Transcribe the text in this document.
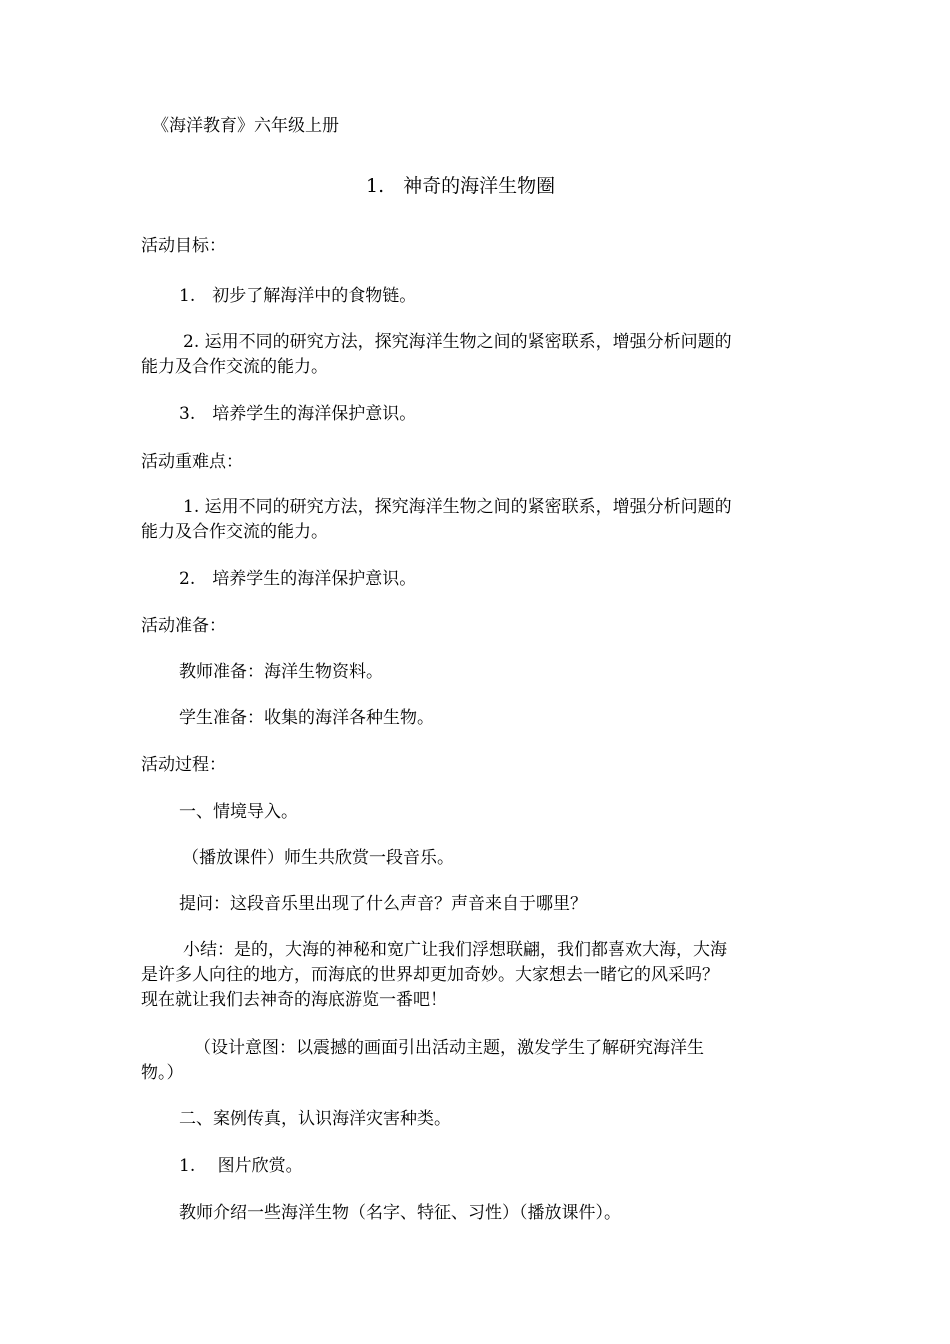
《海洋教育》六年级上册
1.　神奇的海洋生物圈
活动目标：
1.　初步了解海洋中的食物链。
2. 运用不同的研究方法，探究海洋生物之间的紧密联系，增强分析问题的
能力及合作交流的能力。
3.　培养学生的海洋保护意识。
活动重难点：
1. 运用不同的研究方法，探究海洋生物之间的紧密联系，增强分析问题的
能力及合作交流的能力。
2.　培养学生的海洋保护意识。
活动准备：
教师准备：海洋生物资料。
学生准备：收集的海洋各种生物。
活动过程：
一、情境导入。
（播放课件）师生共欣赏一段音乐。
提问：这段音乐里出现了什么声音？声音来自于哪里？
小结：是的，大海的神秘和宽广让我们浮想联翩，我们都喜欢大海，大海
是许多人向往的地方，而海底的世界却更加奇妙。大家想去一睹它的风采吗？
现在就让我们去神奇的海底游览一番吧！
（设计意图：以震撼的画面引出活动主题，激发学生了解研究海洋生
物。）
二、案例传真，认识海洋灾害种类。
1.　 图片欣赏。
教师介绍一些海洋生物（名字、特征、习性）（播放课件）。
